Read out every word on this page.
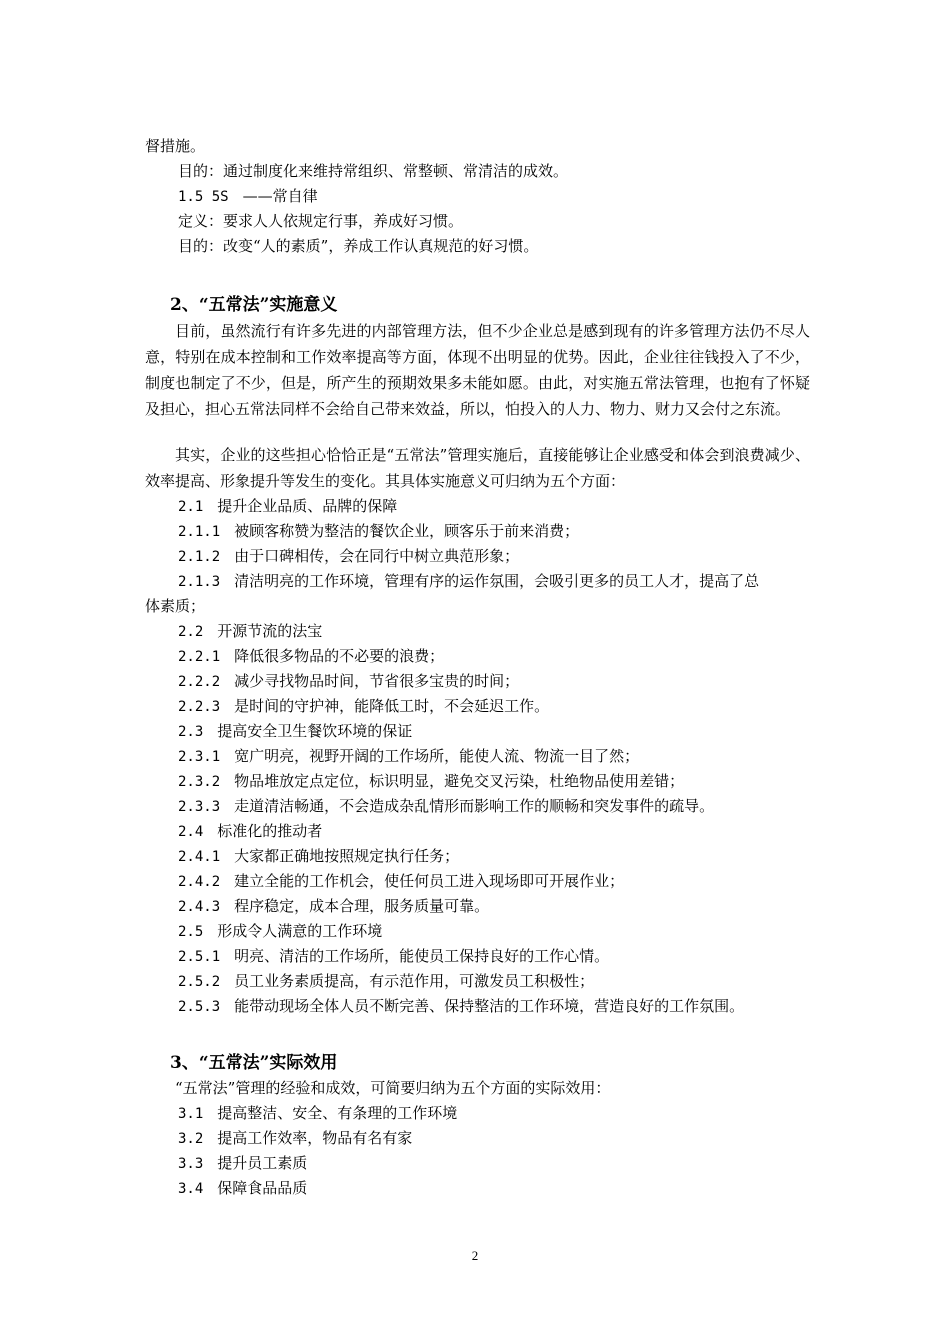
督措施。
目的：通过制度化来维持常组织、常整顿、常清洁的成效。
1.5 5S ——常自律
定义：要求人人依规定行事，养成好习惯。
目的：改变“人的素质”，养成工作认真规范的好习惯。
2、“五常法”实施意义
目前，虽然流行有许多先进的内部管理方法，但不少企业总是感到现有的许多管理方法仍不尽人意，特别在成本控制和工作效率提高等方面，体现不出明显的优势。因此，企业往往钱投入了不少，制度也制定了不少，但是，所产生的预期效果多未能如愿。由此，对实施五常法管理，也抱有了怀疑及担心，担心五常法同样不会给自己带来效益，所以，怕投入的人力、物力、财力又会付之东流。
其实，企业的这些担心恰恰正是“五常法”管理实施后，直接能够让企业感受和体会到浪费减少、效率提高、形象提升等发生的变化。其具体实施意义可归纳为五个方面：
2.1 提升企业品质、品牌的保障
2.1.1 被顾客称赞为整洁的餐饮企业，顾客乐于前来消费；
2.1.2 由于口碑相传，会在同行中树立典范形象；
2.1.3 清洁明亮的工作环境，管理有序的运作氛围，会吸引更多的员工人才，提高了总
体素质；
2.2 开源节流的法宝
2.2.1 降低很多物品的不必要的浪费；
2.2.2 减少寻找物品时间，节省很多宝贵的时间；
2.2.3 是时间的守护神，能降低工时，不会延迟工作。
2.3 提高安全卫生餐饮环境的保证
2.3.1 宽广明亮，视野开阔的工作场所，能使人流、物流一目了然；
2.3.2 物品堆放定点定位，标识明显，避免交叉污染，杜绝物品使用差错；
2.3.3 走道清洁畅通，不会造成杂乱情形而影响工作的顺畅和突发事件的疏导。
2.4 标准化的推动者
2.4.1 大家都正确地按照规定执行任务；
2.4.2 建立全能的工作机会，使任何员工进入现场即可开展作业；
2.4.3 程序稳定，成本合理，服务质量可靠。
2.5 形成令人满意的工作环境
2.5.1 明亮、清洁的工作场所，能使员工保持良好的工作心情。
2.5.2 员工业务素质提高，有示范作用，可激发员工积极性；
2.5.3 能带动现场全体人员不断完善、保持整洁的工作环境，营造良好的工作氛围。
3、“五常法”实际效用
“五常法”管理的经验和成效，可简要归纳为五个方面的实际效用：
3.1 提高整洁、安全、有条理的工作环境
3.2 提高工作效率，物品有名有家
3.3 提升员工素质
3.4 保障食品品质
2
